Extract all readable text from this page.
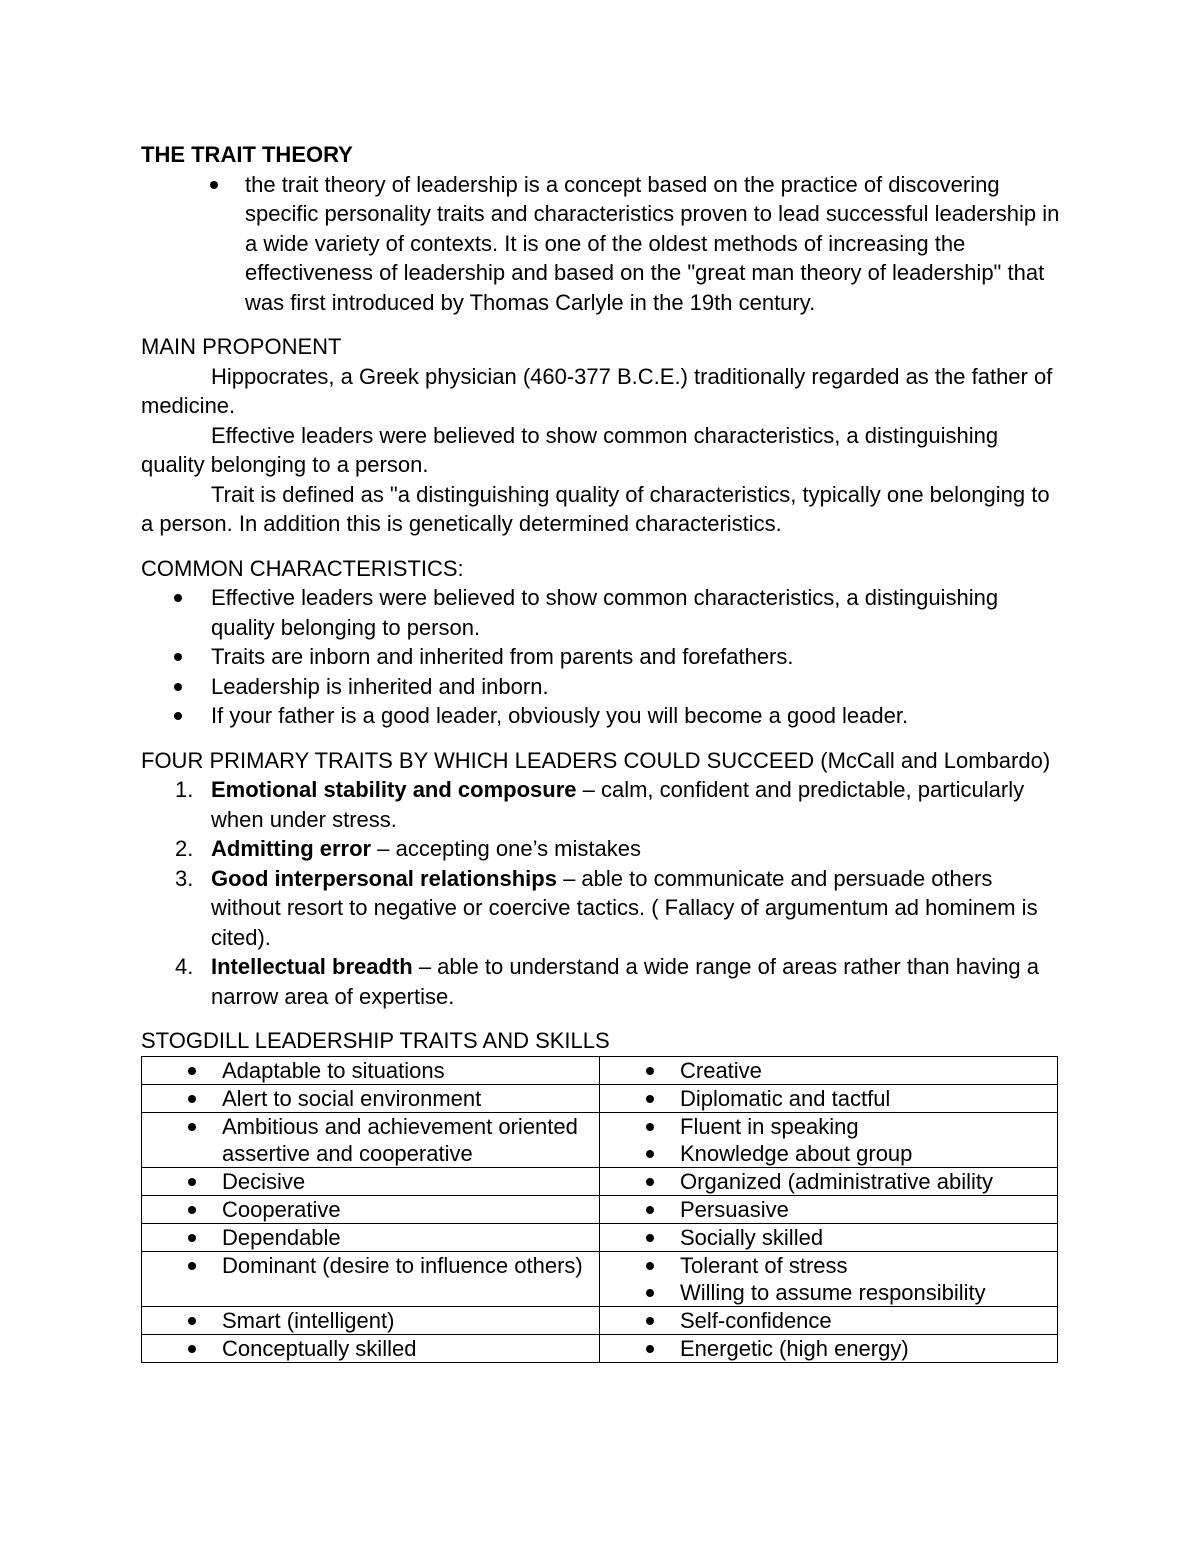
THE TRAIT THEORY

the trait theory of leadership is a concept based on the practice of discovering specific personality traits and characteristics proven to lead successful leadership in a wide variety of contexts. It is one of the oldest methods of increasing the effectiveness of leadership and based on the "great man theory of leadership" that was first introduced by Thomas Carlyle in the 19th century.

MAIN PROPONENT

Hippocrates, a Greek physician (460-377 B.C.E.) traditionally regarded as the father of medicine.

Effective leaders were believed to show common characteristics, a distinguishing quality belonging to a person.

Trait is defined as "a distinguishing quality of characteristics, typically one belonging to a person. In addition this is genetically determined characteristics.

COMMON CHARACTERISTICS:

Effective leaders were believed to show common characteristics, a distinguishing quality belonging to person.
Traits are inborn and inherited from parents and forefathers.
Leadership is inherited and inborn.
If your father is a good leader, obviously you will become a good leader.

FOUR PRIMARY TRAITS BY WHICH LEADERS COULD SUCCEED (McCall and Lombardo)

1. Emotional stability and composure – calm, confident and predictable, particularly when under stress.
2. Admitting error – accepting one’s mistakes
3. Good interpersonal relationships – able to communicate and persuade others without resort to negative or coercive tactics. ( Fallacy of argumentum ad hominem is cited).
4. Intellectual breadth – able to understand a wide range of areas rather than having a narrow area of expertise.

STOGDILL LEADERSHIP TRAITS AND SKILLS

Adaptable to situations	Creative

Alert to social environment	Diplomatic and tactful

Ambitious and achievement oriented assertive and cooperative	Fluent in speaking
Knowledge about group

Decisive	Organized (administrative ability

Cooperative	Persuasive

Dependable	Socially skilled

Dominant (desire to influence others)	Tolerant of stress
Willing to assume responsibility

Smart (intelligent)	Self-confidence

Conceptually skilled	Energetic (high energy)
